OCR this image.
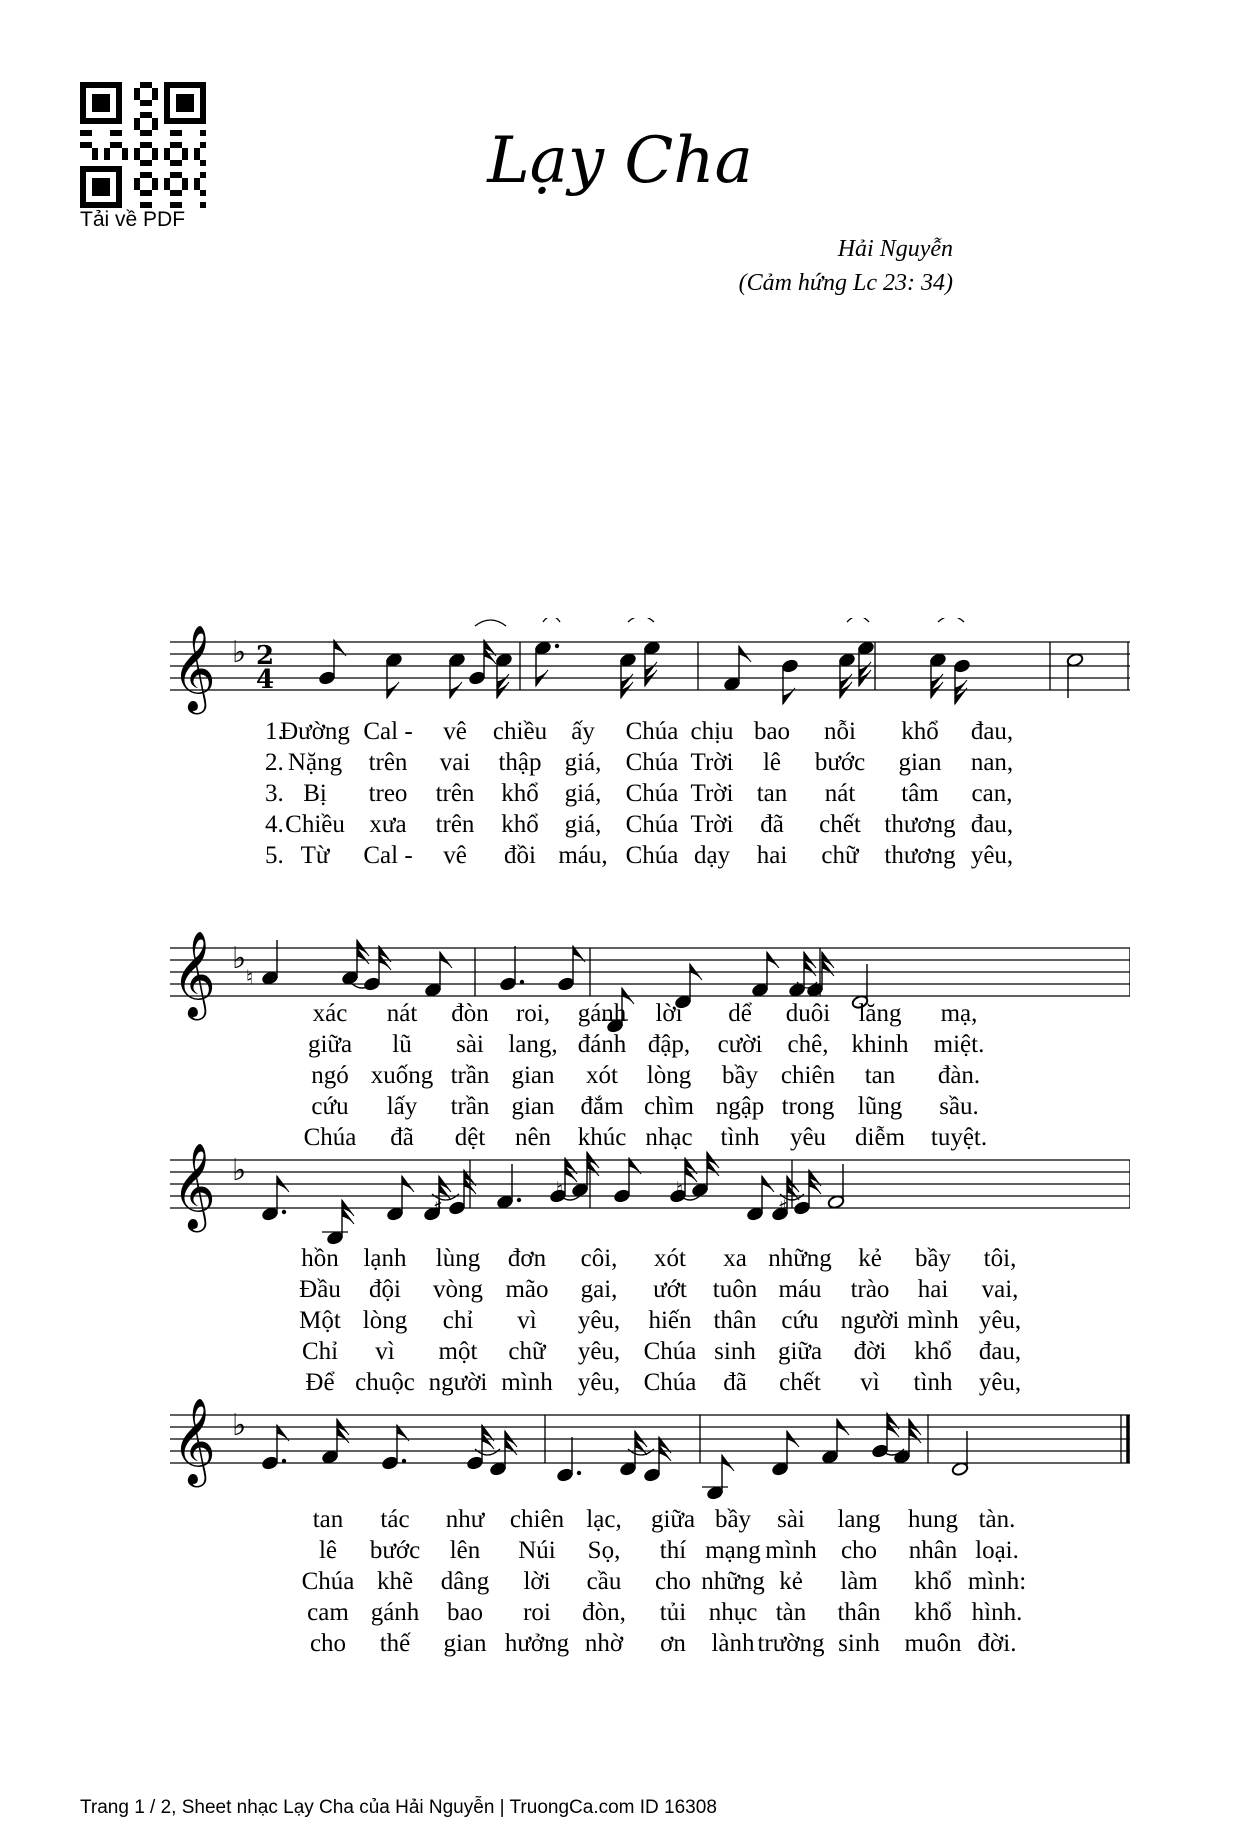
Tải về PDF
Lạy Cha
Hải Nguyễn
(Cảm hứng Lc 23: 34)
𝄞 ♭ 2
4
𝄞 ♭
♮
𝄞 ♭
♯
♮	♮
♯
𝄞 ♭
1.
Đường Cal - vê chiều ấy Chúa chịu bao nỗi khổ đau,
2. Nặng trên vai thập giá, Chúa Trời lê bước gian nan,
3. Bị treo trên khổ giá, Chúa Trời tan nát tâm can,
4. Chiều xưa trên khổ giá, Chúa Trời đã chết thương đau,
5. Từ Cal - vê đồi máu, Chúa dạy hai chữ thương yêu,
xác nát đòn roi, gánh lời dể duôi lăng mạ,
giữa lũ sài lang, đánh đập, cười chê, khinh miệt.
ngó xuống trần gian xót lòng bầy chiên tan đàn.
cứu lấy trần gian đắm chìm ngập trong lũng sầu.
Chúa đã dệt nên khúc nhạc tình yêu diễm tuyệt.
hồn lạnh lùng đơn côi, xót xa những kẻ bầy tôi,
Đầu đội vòng mão gai, ướt tuôn máu trào hai vai,
Một lòng chỉ vì yêu, hiến thân cứu người mình yêu,
Chỉ vì một chữ yêu, Chúa sinh giữa đời khổ đau,
Để chuộc người mình yêu, Chúa đã chết vì tình yêu,
tan tác như chiên lạc, giữa bầy sài lang hung tàn.
lê bước lên Núi Sọ, thí mạng mình cho nhân loại.
Chúa khẽ dâng lời cầu cho những kẻ làm khổ mình:
cam gánh bao roi đòn, tủi nhục tàn thân khổ hình.
cho thế gian hưởng nhờ ơn lành trường sinh muôn đời.
Trang 1 / 2, Sheet nhạc Lạy Cha của Hải Nguyễn | TruongCa.com ID 16308
